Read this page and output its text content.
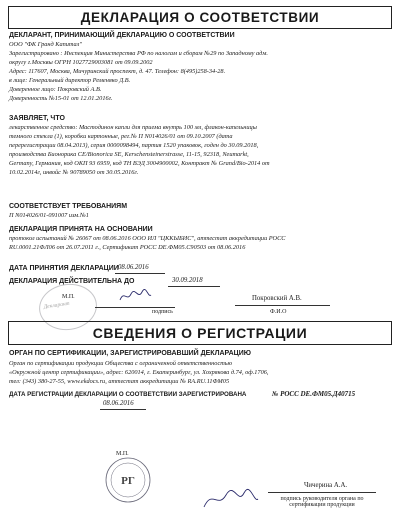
ДЕКЛАРАЦИЯ О СООТВЕТСТВИИ
ДЕКЛАРАНТ, ПРИНИМАЮЩИЙ ДЕКЛАРАЦИЮ О СООТВЕТСТВИИ
ООО "ФК Гранд Капитал"
Зарегистрировано : Инспекция Министерства РФ по налогам и сборам №29 по Западному адм.
округу г.Москвы ОГРН 1027729003081 от 09.09.2002
Адрес: 117607, Москва, Мичуринский проспект, д. 47. Телефон: 8(495)258-34-28.
в лице: Генеральный директор Ременяко Д.В.
Доверенное лицо: Покровский А.В.
Доверенность №15-01 от 12.01.2016г.
ЗАЯВЛЯЕТ, ЧТО
лекарственное средство: Мастодинон капли для приема внутрь 100 мл, флакон-капельницы
темного стекла (1), коробки картонные, рег.№ П N014026/01 от 09.10.2007 (дата
перерегистрации 08.04.2013), серия 0000098494, партия 1520 упаковок, годен до 30.09.2018,
производства Бионорика СЕ/Bionorica SE, Kerschensteinerstrasse, 11-15, 92318, Neumarkt,
Germany, Германия, код ОКП 93 6959, код ТН ВЭД 3004900002, Контракт № Grand/Bio-2014 от
10.02.2014г, инвойс № 90789050 от 30.05.2016г.
СООТВЕТСТВУЕТ ТРЕБОВАНИЯМ
П N014026/01-091007 изм.№1
ДЕКЛАРАЦИЯ ПРИНЯТА НА ОСНОВАНИИ
протокол испытаний № 26067 от 08.06.2016 ООО ИЛ "ЦККЫБИС", аттестат аккредитации РОСС
RU.0001.21ФЛ06 от 26.07.2011 г., Сертификат РОСС DE.ФМ05.С90503 от 08.06.2016
ДАТА ПРИНЯТИЯ ДЕКЛАРАЦИИ 08.06.2016
ДЕКЛАРАЦИЯ ДЕЙСТВИТЕЛЬНА ДО	30.09.2018
Декларант
М.П.
подпись
Покровский А.В.
Ф.И.О
СВЕДЕНИЯ О РЕГИСТРАЦИИ
ОРГАН ПО СЕРТИФИКАЦИИ, ЗАРЕГИСТРИРОВАВШИЙ ДЕКЛАРАЦИЮ
Орган по сертификации продукции Общества с ограниченной ответственностью
«Окружной центр сертификации», адрес: 620014, г. Екатеринбург, ул. Хохрякова д.74, оф.1706,
тел: (343) 380-27-55, www.ekdocs.ru, аттестат аккредитации № RA.RU.11ФМ05
ДАТА РЕГИСТРАЦИИ ДЕКЛАРАЦИИ О СООТВЕТСТВИИ ЗАРЕГИСТРИРОВАНА	№ РОСС DE.ФМ05.Д40715
08.06.2016
РГ
М.П.
Чичерина А.А.
подпись руководителя органа по
сертификации продукции
